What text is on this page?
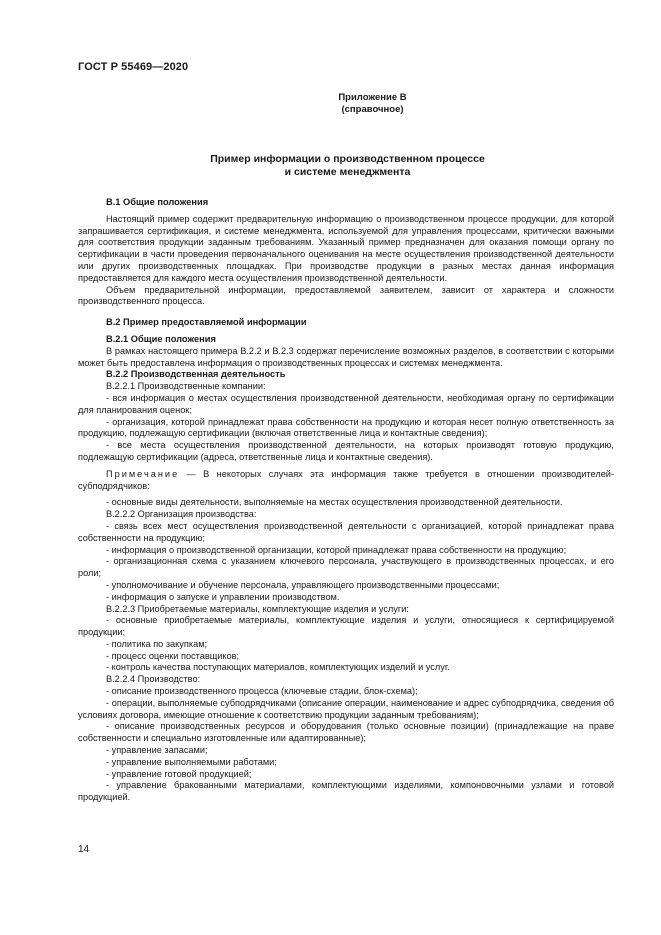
ГОСТ Р 55469—2020
Приложение В
(справочное)
Пример информации о производственном процессе
и системе менеджмента

В.1 Общие положения

Настоящий пример содержит предварительную информацию о производственном процессе продукции, для которой запрашивается сертификация, и системе менеджмента, используемой для управления процессами, критически важными для соответствия продукции заданным требованиям. Указанный пример предназначен для оказания помощи органу по сертификации в части проведения первоначального оценивания на месте осуществления производственной деятельности или других производственных площадках. При производстве продукции в разных местах данная информация предоставляется для каждого места осуществления производственной деятельности.

Объем предварительной информации, предоставляемой заявителем, зависит от характера и сложности производственного процесса.

В.2 Пример предоставляемой информации

В.2.1 Общие положения

В рамках настоящего примера В.2.2 и В.2.3 содержат перечисление возможных разделов, в соответствии с которыми может быть предоставлена информация о производственных процессах и системах менеджмента.

В.2.2 Производственная деятельность

В.2.2.1 Производственные компании:

- вся информация о местах осуществления производственной деятельности, необходимая органу по сертификации для планирования оценок;

- организация, которой принадлежат права собственности на продукцию и которая несет полную ответственность за продукцию, подлежащую сертификации (включая ответственные лица и контактные сведения);

- все места осуществления производственной деятельности, на которых производят готовую продукцию, подлежащую сертификации (адреса, ответственные лица и контактные сведения).

Примечание — В некоторых случаях эта информация также требуется в отношении производителей-субподрядчиков:

- основные виды деятельности, выполняемые на местах осуществления производственной деятельности.

В.2.2.2 Организация производства:

- связь всех мест осуществления производственной деятельности с организацией, которой принадлежат права собственности на продукцию;

- информация о производственной организации, которой принадлежат права собственности на продукцию;

- организационная схема с указанием ключевого персонала, участвующего в производственных процессах, и его роли;

- уполномочивание и обучение персонала, управляющего производственными процессами;

- информация о запуске и управлении производством.

В.2.2.3 Приобретаемые материалы, комплектующие изделия и услуги:

- основные приобретаемые материалы, комплектующие изделия и услуги, относящиеся к сертифицируемой продукции;

- политика по закупкам;

- процесс оценки поставщиков;

- контроль качества поступающих материалов, комплектующих изделий и услуг.

В.2.2.4 Производство:

- описание производственного процесса (ключевые стадии, блок-схема);

- операции, выполняемые субподрядчиками (описание операции, наименование и адрес субподрядчика, сведения об условиях договора, имеющие отношение к соответствию продукции заданным требованиям);

- описание производственных ресурсов и оборудования (только основные позиции) (принадлежащие на праве собственности и специально изготовленные или адаптированные);

- управление запасами;

- управление выполняемыми работами;

- управление готовой продукцией;

- управление бракованными материалами, комплектующими изделиями, компоновочными узлами и готовой продукцией.

14
